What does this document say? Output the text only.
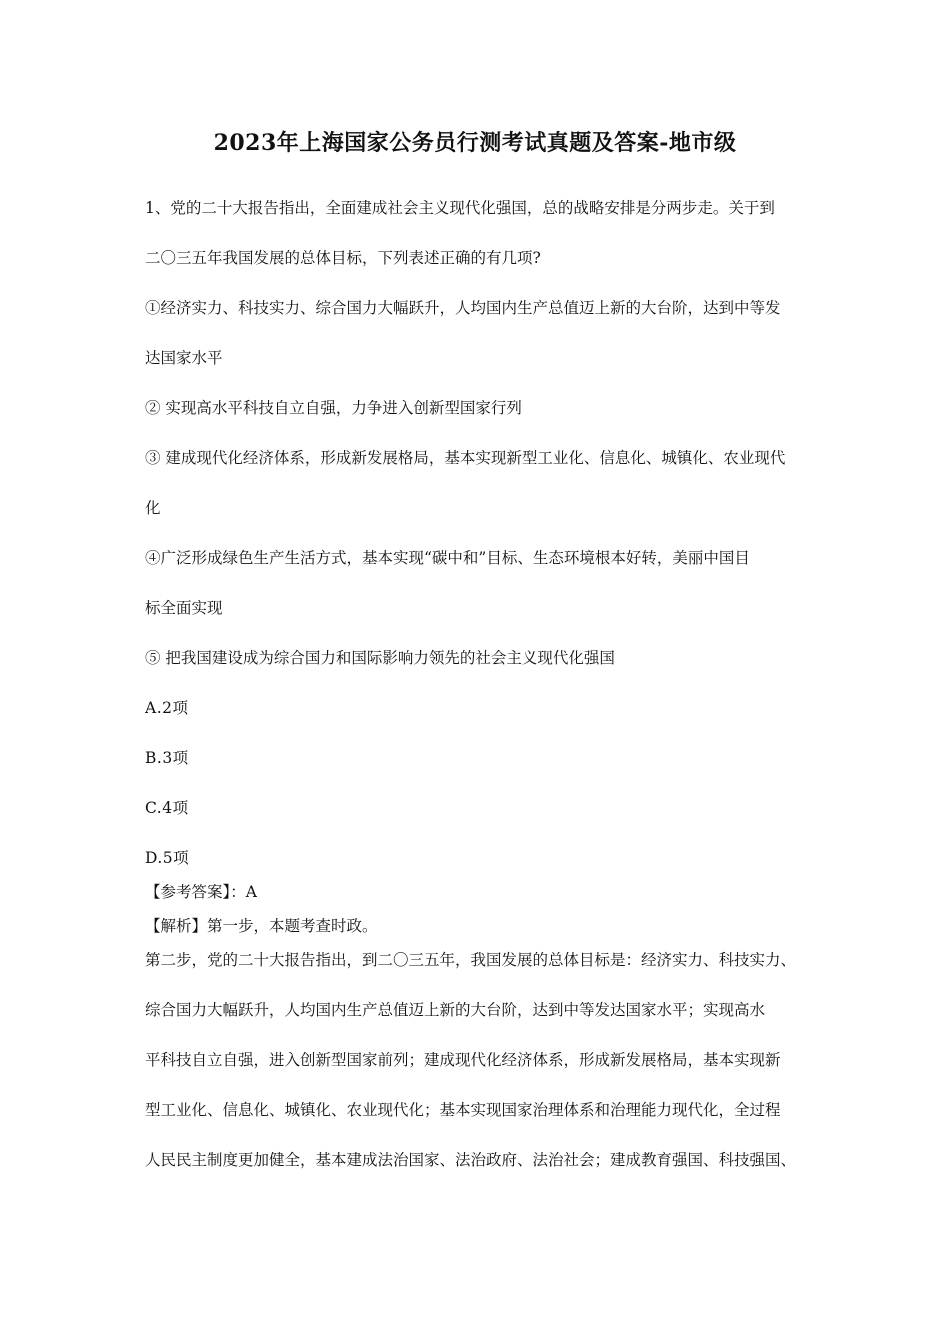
2023年上海国家公务员行测考试真题及答案-地市级
1、党的二十大报告指出，全面建成社会主义现代化强国，总的战略安排是分两步走。关于到
二〇三五年我国发展的总体目标，下列表述正确的有几项?
①经济实力、科技实力、综合国力大幅跃升，人均国内生产总值迈上新的大台阶，达到中等发
达国家水平
② 实现高水平科技自立自强，力争进入创新型国家行列
③ 建成现代化经济体系，形成新发展格局，基本实现新型工业化、信息化、城镇化、农业现代
化
④广泛形成绿色生产生活方式，基本实现“碳中和”目标、生态环境根本好转，美丽中国目
标全面实现
⑤ 把我国建设成为综合国力和国际影响力领先的社会主义现代化强国
A.2项
B.3项
C.4项
D.5项
【参考答案】：A
【解析】第一步，本题考查时政。
第二步，党的二十大报告指出，到二〇三五年，我国发展的总体目标是：经济实力、科技实力、
综合国力大幅跃升，人均国内生产总值迈上新的大台阶，达到中等发达国家水平；实现高水
平科技自立自强，进入创新型国家前列；建成现代化经济体系，形成新发展格局，基本实现新
型工业化、信息化、城镇化、农业现代化；基本实现国家治理体系和治理能力现代化，全过程
人民民主制度更加健全，基本建成法治国家、法治政府、法治社会；建成教育强国、科技强国、
